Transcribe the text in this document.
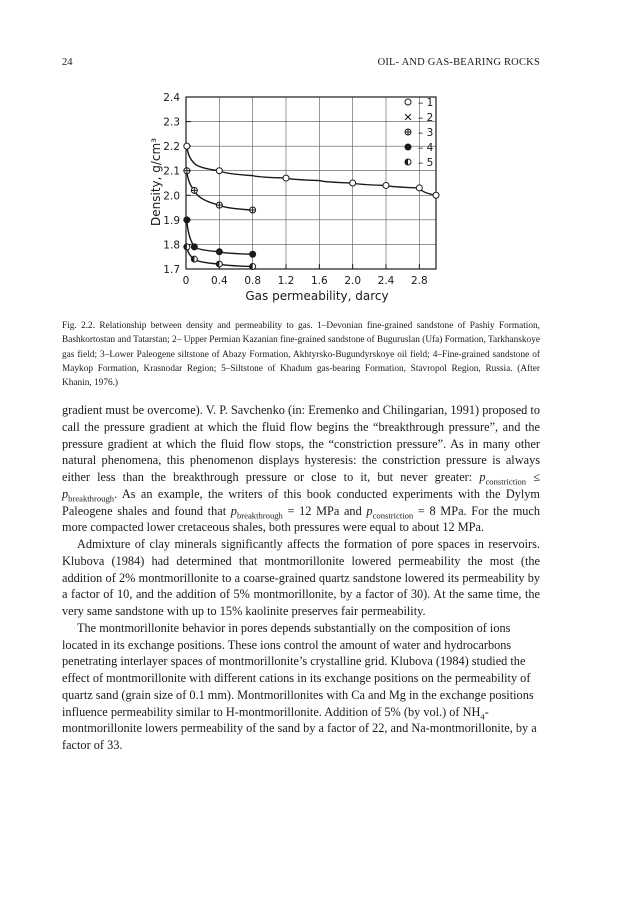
24	OIL- AND GAS-BEARING ROCKS
0 0.4 0.8 1.2 1.6 2.0 2.4 2.8
1.7
1.8
1.9
2.0
2.1
2.2
2.3
2.4	– 1
– 2
– 3
– 4
– 5
Gas permeability, darcy
Density, g/cm³
Fig. 2.2. Relationship between density and permeability to gas. 1–Devonian fine-grained sandstone of Pashiy Formation, Bashkortostan and Tatarstan; 2– Upper Permian Kazanian fine-grained sandstone of Buguruslan (Ufa) Formation, Tarkhanskoye gas field; 3–Lower Paleogene siltstone of Abazy Formation, Akhtyrsko-Bugundyrskoye oil field; 4–Fine-grained sandstone of Maykop Formation, Krasnodar Region; 5–Siltstone of Khadum gas-bearing Formation, Stavropol Region, Russia. (After Khanin, 1976.)

gradient must be overcome). V. P. Savchenko (in: Eremenko and Chilingarian, 1991) proposed to call the pressure gradient at which the fluid flow begins the “breakthrough pressure”, and the pressure gradient at which the fluid flow stops, the “constriction pressure”. As in many other natural phenomena, this phenomenon displays hysteresis: the constriction pressure is always either less than the breakthrough pressure or close to it, but never greater: $p_{constriction} \le p_{breakthrough}$. As an example, the writers of this book conducted experiments with the Dylym Paleogene shales and found that $p_{breakthrough} = 12$ MPa and $p_{constriction} = 8$ MPa. For the much more compacted lower cretaceous shales, both pressures were equal to about 12 MPa.

Admixture of clay minerals significantly affects the formation of pore spaces in reservoirs. Klubova (1984) had determined that montmorillonite lowered permeability the most (the addition of 2% montmorillonite to a coarse-grained quartz sandstone lowered its permeability by a factor of 10, and the addition of 5% montmorillonite, by a factor of 30). At the same time, the very same sandstone with up to 15% kaolinite preserves fair permeability.

The montmorillonite behavior in pores depends substantially on the composition of ions located in its exchange positions. These ions control the amount of water and hydrocarbons penetrating interlayer spaces of montmorillonite’s crystalline grid. Klubova (1984) studied the effect of montmorillonite with different cations in its exchange positions on the permeability of quartz sand (grain size of 0.1 mm). Montmorillonites with Ca and Mg in the exchange positions influence permeability similar to H-montmorillonite. Addition of 5% (by vol.) of $NH_4$-montmorillonite lowers permeability of the sand by a factor of 22, and Na-montmorillonite, by a factor of 33.
